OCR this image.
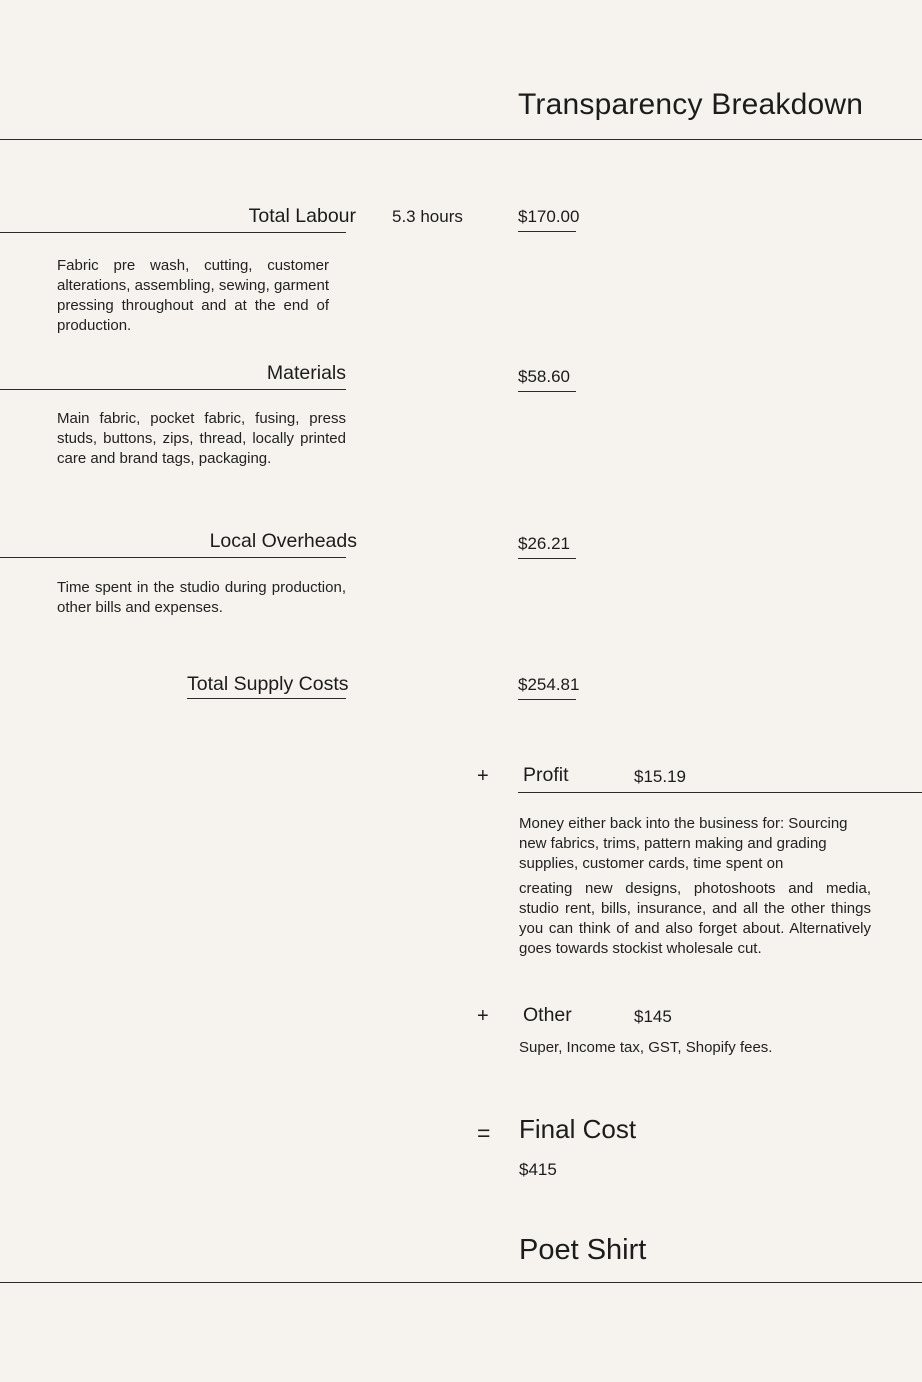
Transparency Breakdown
Total Labour 5.3 hours	$170.00
Fabric pre wash, cutting, customer alterations, assembling, sewing, garment pressing throughout and at the end of production.
Materials	$58.60
Main fabric, pocket fabric, fusing, press studs, buttons, zips, thread, locally printed care and brand tags, packaging.
Local Overheads	$26.21
Time spent in the studio during production, other bills and expenses.
Total Supply Costs	$254.81
+ Profit	$15.19
Money either back into the business for: Sourcing new fabrics, trims, pattern making and grading supplies, customer cards, time spent on
creating new designs, photoshoots and media, studio rent, bills, insurance, and all the other things you can think of and also forget about. Alternatively goes towards stockist wholesale cut.
+ Other	$145
Super, Income tax, GST, Shopify fees.
= Final Cost
$415
Poet Shirt
